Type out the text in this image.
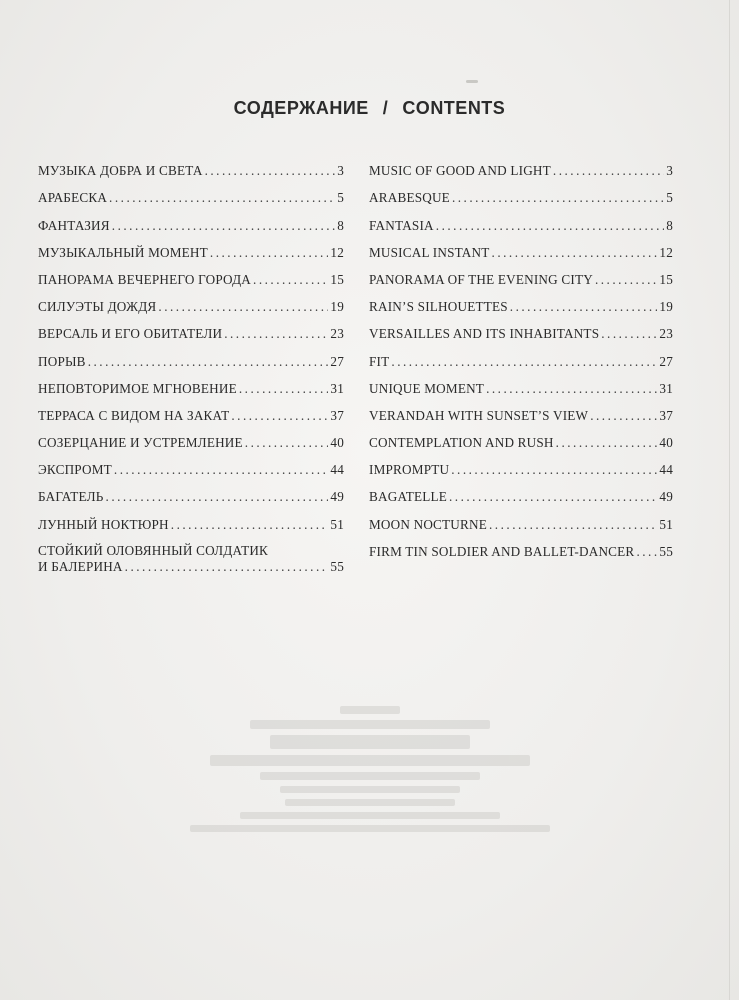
СОДЕРЖАНИЕ / CONTENTS
МУЗЫКА ДОБРА И СВЕТА .....	3
АРАБЕСКА .....	5
ФАНТАЗИЯ .....	8
МУЗЫКАЛЬНЫЙ МОМЕНТ .....	12
ПАНОРАМА ВЕЧЕРНЕГО ГОРОДА .....	15
СИЛУЭТЫ ДОЖДЯ .....	19
ВЕРСАЛЬ И ЕГО ОБИТАТЕЛИ .....	23
ПОРЫВ .....	27
НЕПОВТОРИМОЕ МГНОВЕНИЕ .....	31
ТЕРРАСА С ВИДОМ НА ЗАКАТ .....	37
СОЗЕРЦАНИЕ И УСТРЕМЛЕНИЕ .....	40
ЭКСПРОМТ .....	44
БАГАТЕЛЬ .....	49
ЛУННЫЙ НОКТЮРН .....	51
СТОЙКИЙ ОЛОВЯННЫЙ СОЛДАТИК
И БАЛЕРИНА .....	55
MUSIC OF GOOD AND LIGHT .....	3
ARABESQUE .....	5
FANTASIA .....	8
MUSICAL INSTANT .....	12
PANORAMA OF THE EVENING CITY .....	15
RAIN’S SILHOUETTES .....	19
VERSAILLES AND ITS INHABITANTS .....	23
FIT .....	27
UNIQUE MOMENT .....	31
VERANDAH WITH SUNSET’S VIEW .....	37
CONTEMPLATION AND RUSH .....	40
IMPROMPTU .....	44
BAGATELLE .....	49
MOON NOCTURNE .....	51
FIRM TIN SOLDIER AND BALLET-DANCER ..... 55
